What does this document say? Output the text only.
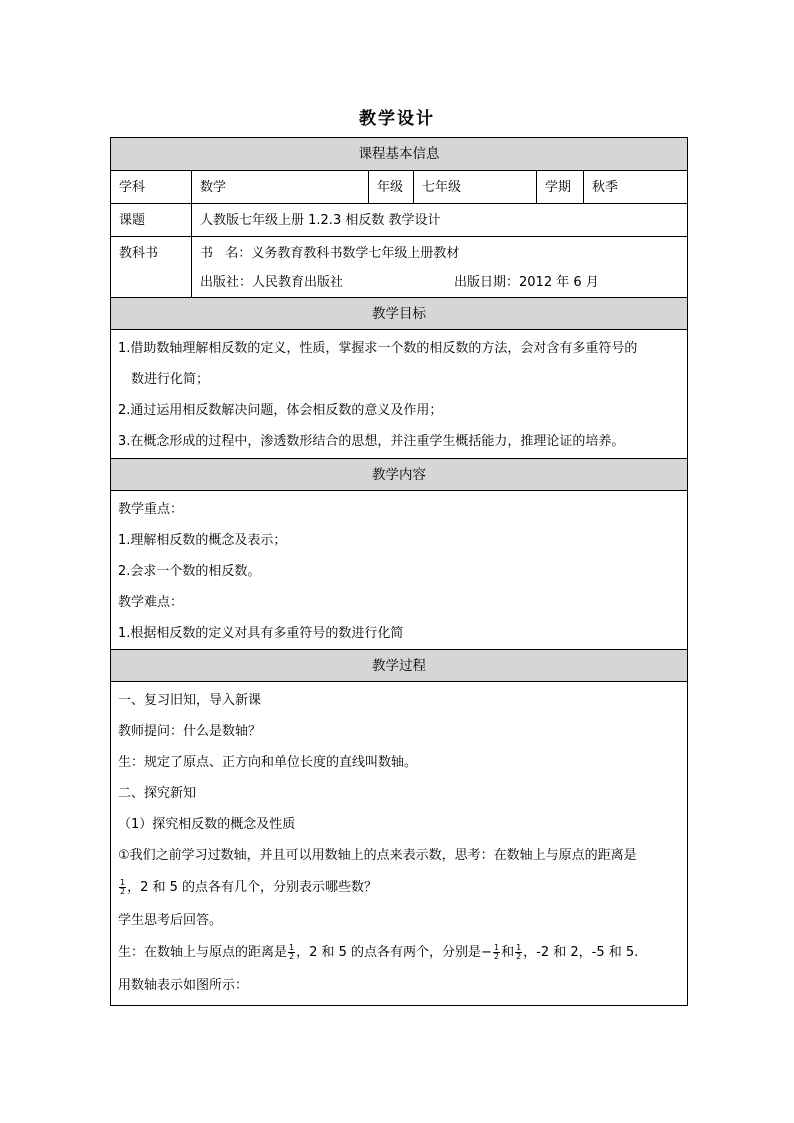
教学设计
课程基本信息
学科	数学	年级	七年级	学期	秋季
课题	人教版七年级上册 1.2.3 相反数 教学设计
教科书	书   名：义务教育教科书数学七年级上册教材
出版社：人民教育出版社	出版日期：2012 年 6 月
教学目标
1.借助数轴理解相反数的定义，性质，掌握求一个数的相反数的方法，会对含有多重符号的
数进行化简；
2.通过运用相反数解决问题，体会相反数的意义及作用；
3.在概念形成的过程中，渗透数形结合的思想，并注重学生概括能力，推理论证的培养。
教学内容
教学重点：
1.理解相反数的概念及表示；
2.会求一个数的相反数。
教学难点：
1.根据相反数的定义对具有多重符号的数进行化简
教学过程
一、复习旧知，导入新课
教师提问：什么是数轴？
生：规定了原点、正方向和单位长度的直线叫数轴。
二、探究新知
（1）探究相反数的概念及性质
①我们之前学习过数轴，并且可以用数轴上的点来表示数，思考：在数轴上与原点的距离是
$\frac{1}{2}$ ，2 和 5 的点各有几个，分别表示哪些数？
学生思考后回答。
生：在数轴上与原点的距离是 $\frac{1}{2}$ ，2 和 5 的点各有两个，分别是− $\frac{1}{2}$ 和 $\frac{1}{2}$ ，-2 和 2，-5 和 5.
用数轴表示如图所示：
